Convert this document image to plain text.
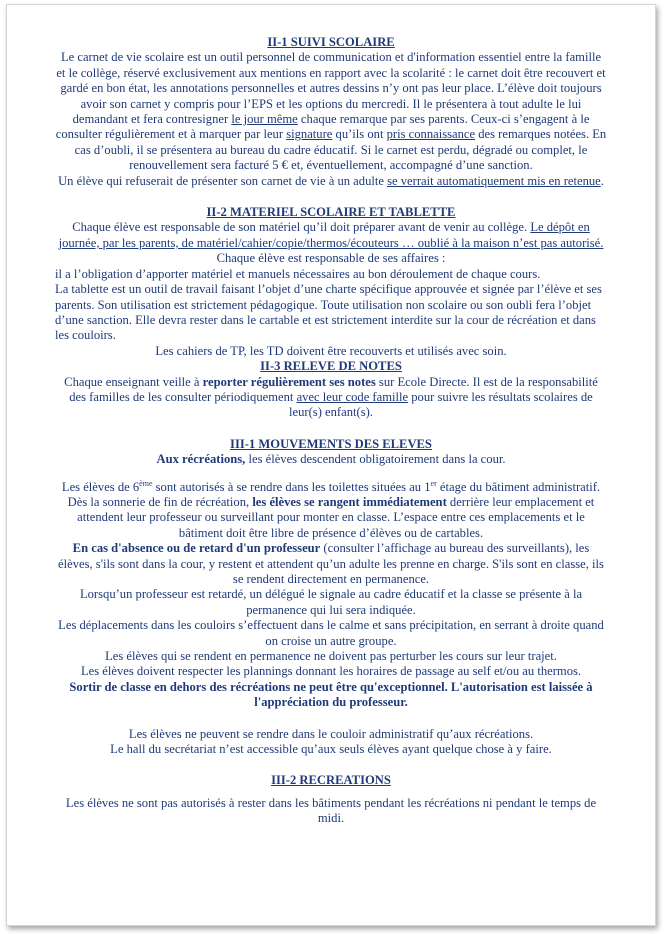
II-1 SUIVI SCOLAIRE

Le carnet de vie scolaire est un outil personnel de communication et d'information essentiel entre la famille et le collège, réservé exclusivement aux mentions en rapport avec la scolarité : le carnet doit être recouvert et gardé en bon état, les annotations personnelles et autres dessins n’y ont pas leur place. L’élève doit toujours avoir son carnet y compris pour l’EPS et les options du mercredi. Il le présentera à tout adulte le lui demandant et fera contresigner le jour même chaque remarque par ses parents. Ceux-ci s’engagent à le consulter régulièrement et à marquer par leur signature qu’ils ont pris connaissance des remarques notées. En cas d’oubli, il se présentera au bureau du cadre éducatif. Si le carnet est perdu, dégradé ou complet, le renouvellement sera facturé 5 € et, éventuellement, accompagné d’une sanction.

Un élève qui refuserait de présenter son carnet de vie à un adulte se verrait automatiquement mis en retenue.

II-2 MATERIEL SCOLAIRE ET TABLETTE

Chaque élève est responsable de son matériel qu’il doit préparer avant de venir au collège. Le dépôt en journée, par les parents, de matériel/cahier/copie/thermos/écouteurs … oublié à la maison n’est pas autorisé. Chaque élève est responsable de ses affaires :

il a l’obligation d’apporter matériel et manuels nécessaires au bon déroulement de chaque cours.

La tablette est un outil de travail faisant l’objet d’une charte spécifique approuvée et signée par l’élève et ses parents. Son utilisation est strictement pédagogique. Toute utilisation non scolaire ou son oubli fera l’objet d’une sanction. Elle devra rester dans le cartable et est strictement interdite sur la cour de récréation et dans les couloirs.

Les cahiers de TP, les TD doivent être recouverts et utilisés avec soin.

II-3 RELEVE DE NOTES

Chaque enseignant veille à reporter régulièrement ses notes sur Ecole Directe. Il est de la responsabilité des familles de les consulter périodiquement avec leur code famille pour suivre les résultats scolaires de leur(s) enfant(s).

III-1 MOUVEMENTS DES ELEVES

Aux récréations, les élèves descendent obligatoirement dans la cour.

Les élèves de 6ème sont autorisés à se rendre dans les toilettes situées au 1er étage du bâtiment administratif.

Dès la sonnerie de fin de récréation, les élèves se rangent immédiatement derrière leur emplacement et attendent leur professeur ou surveillant pour monter en classe. L’espace entre ces emplacements et le bâtiment doit être libre de présence d’élèves ou de cartables.

En cas d'absence ou de retard d'un professeur (consulter l’affichage au bureau des surveillants), les élèves, s'ils sont dans la cour, y restent et attendent qu’un adulte les prenne en charge. S'ils sont en classe, ils se rendent directement en permanence.

Lorsqu’un professeur est retardé, un délégué le signale au cadre éducatif et la classe se présente à la permanence qui lui sera indiquée.

Les déplacements dans les couloirs s’effectuent dans le calme et sans précipitation, en serrant à droite quand on croise un autre groupe.

Les élèves qui se rendent en permanence ne doivent pas perturber les cours sur leur trajet.

Les élèves doivent respecter les plannings donnant les horaires de passage au self et/ou au thermos.

Sortir de classe en dehors des récréations ne peut être qu'exceptionnel. L'autorisation est laissée à l'appréciation du professeur.

Les élèves ne peuvent se rendre dans le couloir administratif qu’aux récréations.

Le hall du secrétariat n’est accessible qu’aux seuls élèves ayant quelque chose à y faire.

III-2 RECREATIONS

Les élèves ne sont pas autorisés à rester dans les bâtiments pendant les récréations ni pendant le temps de midi.
